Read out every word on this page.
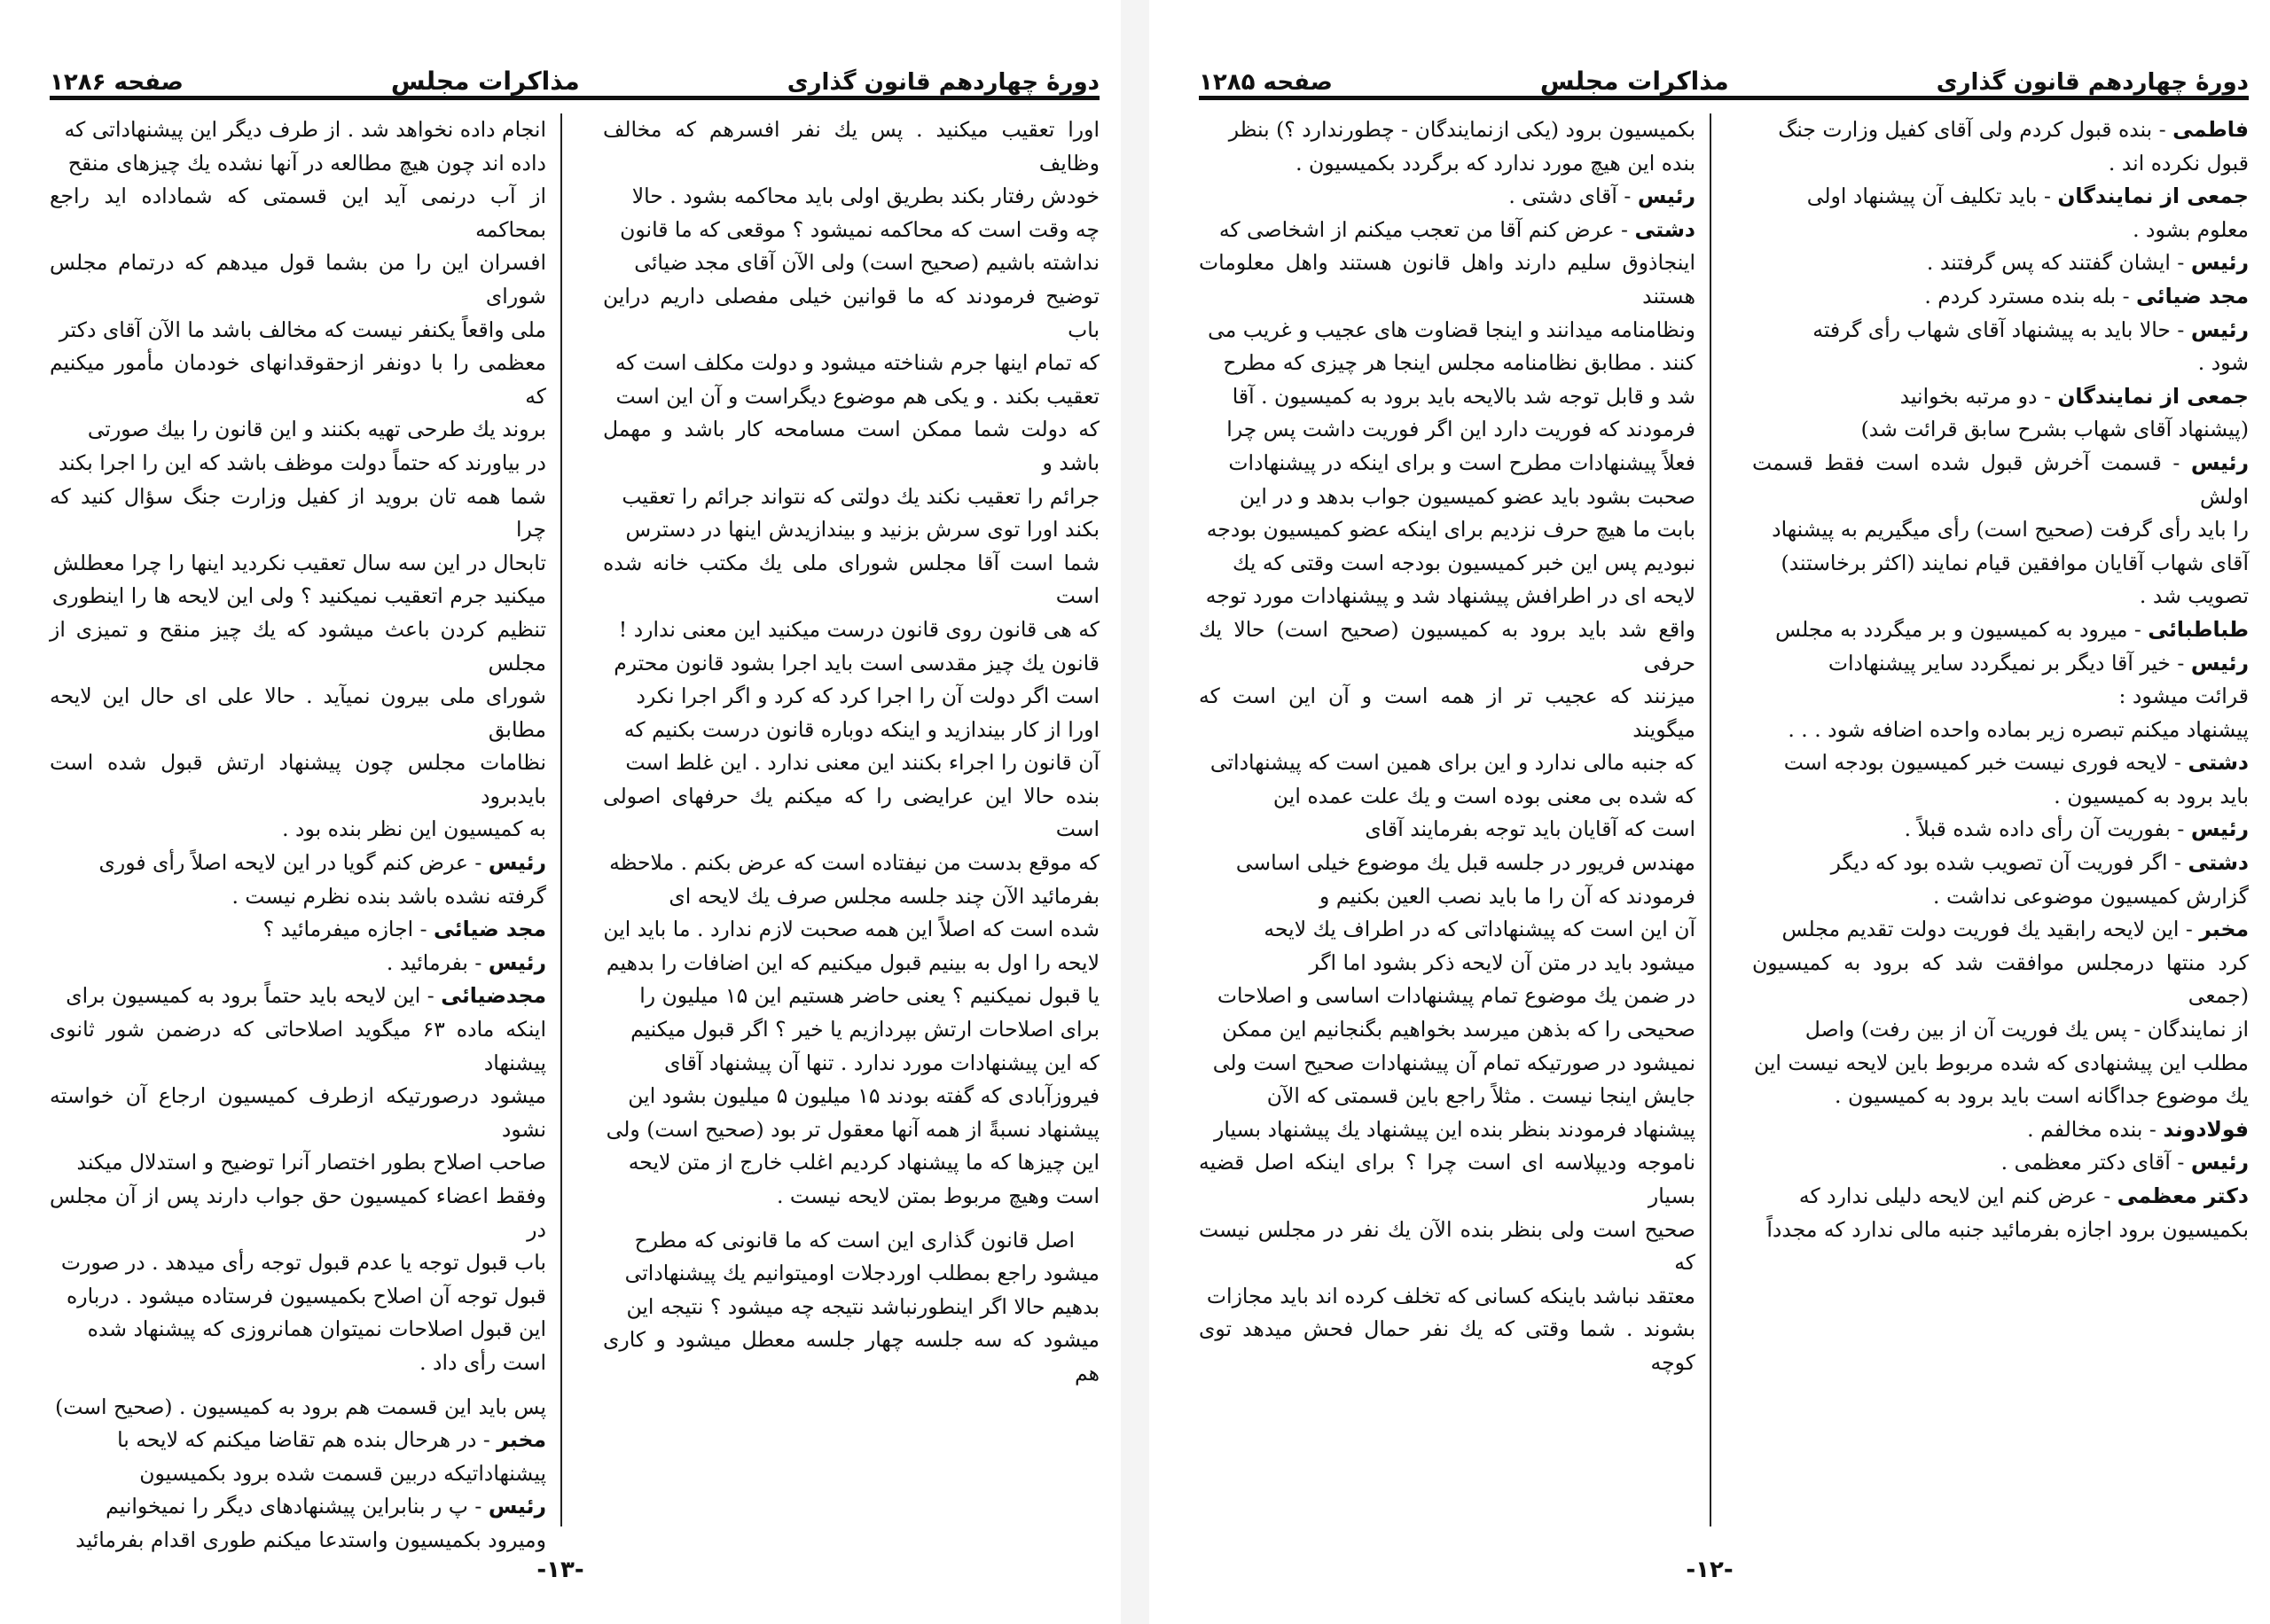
دورهٔ چهاردهم قانون گذاری
مذاکرات مجلس
صفحه ۱۲۸۶

اورا تعقیب میکنید . پس یك نفر افسرهم که مخالف وظایف

خودش رفتار بکند بطریق اولی باید محاکمه بشود . حالا

چه وقت است که محاکمه نمیشود ؟ موقعی که ما قانون

نداشته باشیم (صحیح است) ولی الآن آقای مجد ضیائی

توضیح فرمودند که ما قوانین خیلی مفصلی داریم دراین باب

که تمام اینها جرم شناخته میشود و دولت مکلف است که

تعقیب بکند . و یکی هم موضوع دیگراست و آن این است

که دولت شما ممکن است مسامحه کار باشد و مهمل باشد و

جرائم را تعقیب نکند یك دولتی که نتواند جرائم را تعقیب

بکند اورا توی سرش بزنید و بیندازیدش اینها در دسترس

شما است آقا مجلس شورای ملی یك مکتب خانه شده است

که هی قانون روی قانون درست میکنید این معنی ندارد !

قانون یك چیز مقدسی است باید اجرا بشود قانون محترم

است اگر دولت آن را اجرا کرد که کرد و اگر اجرا نکرد

اورا از کار بیندازید و اینکه دوباره قانون درست بکنیم که

آن قانون را اجراء بکنند این معنی ندارد . این غلط است

بنده حالا این عرایضی را که میکنم یك حرفهای اصولی است

که موقع بدست من نیفتاده است که عرض بکنم . ملاحظه

بفرمائید الآن چند جلسه مجلس صرف یك لایحه ای

شده است که اصلاً این همه صحبت لازم ندارد . ما باید این

لایحه را اول به بینیم قبول میکنیم که این اضافات را بدهیم

یا قبول نمیکنیم ؟ یعنی حاضر هستیم این ۱۵ میلیون را

برای اصلاحات ارتش بپردازیم یا خیر ؟ اگر قبول میکنیم

که این پیشنهادات مورد ندارد . تنها آن پیشنهاد آقای

فیروزآبادی که گفته بودند ۱۵ میلیون ۵ میلیون بشود این

پیشنهاد نسبةً از همه آنها معقول تر بود (صحیح است) ولی

این چیزها که ما پیشنهاد کردیم اغلب خارج از متن لایحه

است وهیچ مربوط بمتن لایحه نیست .

اصل قانون گذاری این است که ما قانونی که مطرح

میشود راجع بمطلب اوردجلات اومیتوانیم یك پیشنهاداتی

بدهیم حالا اگر اینطورنباشد نتیجه چه میشود ؟ نتیجه این

میشود که سه جلسه چهار جلسه معطل میشود و کاری هم

انجام داده نخواهد شد . از طرف دیگر این پیشنهاداتی که

داده اند چون هیچ مطالعه در آنها نشده یك چیزهای منقح

از آب درنمی آید این قسمتی که شماداده اید راجع بمحاکمه

افسران این را من بشما قول میدهم که درتمام مجلس شورای

ملی واقعاً یکنفر نیست که مخالف باشد ما الآن آقای دکتر

معظمی را با دونفر ازحقوقدانهای خودمان مأمور میکنیم که

بروند یك طرحی تهیه بکنند و این قانون را بیك صورتی

در بیاورند که حتماً دولت موظف باشد که این را اجرا بکند

شما همه تان بروید از کفیل وزارت جنگ سؤال کنید که چرا

تابحال در این سه سال تعقیب نکردید اینها را چرا معطلش

میکنید جرم اتعقیب نمیکنید ؟ ولی این لایحه ها را اینطوری

تنظیم کردن باعث میشود که یك چیز منقح و تمیزی از مجلس

شورای ملی بیرون نمیآید . حالا علی ای حال این لایحه مطابق

نظامات مجلس چون پیشنهاد ارتش قبول شده است بایدبرود

به کمیسیون این نظر بنده بود .

رئیس - عرض کنم گویا در این لایحه اصلاً رأی فوری

گرفته نشده باشد بنده نظرم نیست .

مجد ضیائی - اجازه میفرمائید ؟

رئیس - بفرمائید .

مجدضیائی - این لایحه باید حتماً برود به کمیسیون برای

اینکه ماده ۶۳ میگوید اصلاحاتی که درضمن شور ثانوی پیشنهاد

میشود درصورتیکه ازطرف کمیسیون ارجاع آن خواسته نشود

صاحب اصلاح بطور اختصار آنرا توضیح و استدلال میکند

وفقط اعضاء کمیسیون حق جواب دارند پس از آن مجلس در

باب قبول توجه یا عدم قبول توجه رأی میدهد . در صورت

قبول توجه آن اصلاح بکمیسیون فرستاده میشود . درباره

این قبول اصلاحات نمیتوان همانروزی که پیشنهاد شده

است رأی داد .

پس باید این قسمت هم برود به کمیسیون . (صحیح است)

مخبر - در هرحال بنده هم تقاضا میکنم که لایحه با

پیشنهاداتیکه دربین قسمت شده برود بکمیسیون

رئیس - پ ر بنابراین پیشنهادهای دیگر را نمیخوانیم

ومیرود بکمیسیون واستدعا میکنم طوری اقدام بفرمائید

-۱۳-
دورهٔ چهاردهم قانون گذاری
مذاکرات مجلس
صفحه ۱۲۸۵

فاطمی - بنده قبول کردم ولی آقای کفیل وزارت جنگ

قبول نکرده اند .

جمعی از نمایندگان - باید تکلیف آن پیشنهاد اولی

معلوم بشود .

رئیس - ایشان گفتند که پس گرفتند .

مجد ضیائی - بله بنده مسترد کردم .

رئیس - حالا باید به پیشنهاد آقای شهاب رأی گرفته

شود .

جمعی از نمایندگان - دو مرتبه بخوانید

(پیشنهاد آقای شهاب بشرح سابق قرائت شد)

رئیس - قسمت آخرش قبول شده است فقط قسمت اولش

را باید رأی گرفت (صحیح است) رأی میگیریم به پیشنهاد

آقای شهاب آقایان موافقین قیام نمایند (اکثر برخاستند)

تصویب شد .

طباطبائی - میرود به کمیسیون و بر میگردد به مجلس

رئیس - خیر آقا دیگر بر نمیگردد سایر پیشنهادات

قرائت میشود :

پیشنهاد میکنم تبصره زیر بماده واحده اضافه شود . . .

دشتی - لایحه فوری نیست خبر کمیسیون بودجه است

باید برود به کمیسیون .

رئیس - بفوریت آن رأی داده شده قبلاً .

دشتی - اگر فوریت آن تصویب شده بود که دیگر

گزارش کمیسیون موضوعی نداشت .

مخبر - این لایحه رابقید یك فوریت دولت تقدیم مجلس

کرد منتها درمجلس موافقت شد که برود به کمیسیون (جمعی

از نمایندگان - پس یك فوریت آن از بین رفت) واصل

مطلب این پیشنهادی که شده مربوط باین لایحه نیست این

یك موضوع جداگانه است باید برود به کمیسیون .

فولادوند - بنده مخالفم .

رئیس - آقای دکتر معظمی .

دکتر معظمی - عرض کنم این لایحه دلیلی ندارد که

بکمیسیون برود اجازه بفرمائید جنبه مالی ندارد که مجدداً

بکمیسیون برود (یکی ازنمایندگان - چطورندارد ؟) بنظر

بنده این هیچ مورد ندارد که برگردد بکمیسیون .

رئیس - آقای دشتی .

دشتی - عرض کنم آقا من تعجب میکنم از اشخاصی که

اینجاذوق سلیم دارند واهل قانون هستند واهل معلومات هستند

ونظامنامه میدانند و اینجا قضاوت های عجیب و غریب می

کنند . مطابق نظامنامه مجلس اینجا هر چیزی که مطرح

شد و قابل توجه شد بالایحه باید برود به کمیسیون . آقا

فرمودند که فوریت دارد این اگر فوریت داشت پس چرا

فعلاً پیشنهادات مطرح است و برای اینکه در پیشنهادات

صحبت بشود باید عضو کمیسیون جواب بدهد و در این

بابت ما هیچ حرف نزدیم برای اینکه عضو کمیسیون بودجه

نبودیم پس این خبر کمیسیون بودجه است وقتی که یك

لایحه ای در اطرافش پیشنهاد شد و پیشنهادات مورد توجه

واقع شد باید برود به کمیسیون (صحیح است) حالا یك حرفی

میزنند که عجیب تر از همه است و آن این است که میگویند

که جنبه مالی ندارد و این برای همین است که پیشنهاداتی

که شده بی معنی بوده است و یك علت عمده این

است که آقایان باید توجه بفرمایند آقای

مهندس فریور در جلسه قبل یك موضوع خیلی اساسی

فرمودند که آن را ما باید نصب العین بکنیم و

آن این است که پیشنهاداتی که در اطراف یك لایحه

میشود باید در متن آن لایحه ذکر بشود اما اگر

در ضمن یك موضوع تمام پیشنهادات اساسی و اصلاحات

صحیحی را که بذهن میرسد بخواهیم بگنجانیم این ممکن

نمیشود در صورتیکه تمام آن پیشنهادات صحیح است ولی

جایش اینجا نیست . مثلاً راجع باین قسمتی که الآن

پیشنهاد فرمودند بنظر بنده این پیشنهاد یك پیشنهاد بسیار

ناموجه ودیپلاسه ای است چرا ؟ برای اینکه اصل قضیه بسیار

صحیح است ولی بنظر بنده الآن یك نفر در مجلس نیست که

معتقد نباشد باینکه کسانی که تخلف کرده اند باید مجازات

بشوند . شما وقتی که یك نفر حمال فحش میدهد توی کوچه

-۱۲-
